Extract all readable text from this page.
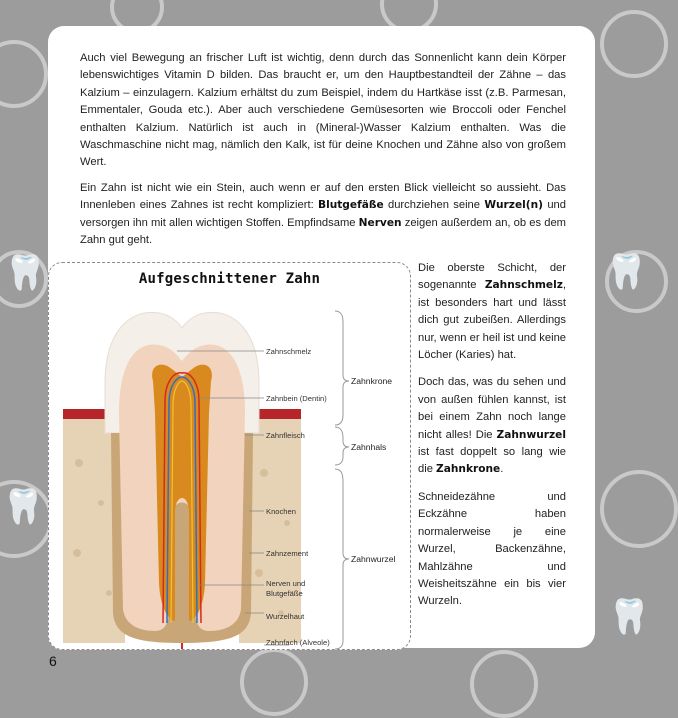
🦷	🦷
🦷
🦷

Auch viel Bewegung an frischer Luft ist wichtig, denn durch das Sonnenlicht kann dein Körper lebenswichtiges Vitamin D bilden. Das braucht er, um den Hauptbestandteil der Zähne – das Kalzium – einzulagern. Kalzium erhältst du zum Beispiel, indem du Hartkäse isst (z.B. Parmesan, Emmentaler, Gouda etc.). Aber auch verschiedene Gemüsesorten wie Broccoli oder Fenchel enthalten Kalzium. Natürlich ist auch in (Mineral-)Wasser Kalzium enthalten. Was die Waschmaschine nicht mag, nämlich den Kalk, ist für deine Knochen und Zähne also von großem Wert.

Ein Zahn ist nicht wie ein Stein, auch wenn er auf den ersten Blick vielleicht so aussieht. Das Innenleben eines Zahnes ist recht kompliziert: Blutgefäße durchziehen seine Wurzel(n) und versorgen ihn mit allen wichtigen Stoffen. Empfindsame Nerven zeigen außerdem an, ob es dem Zahn gut geht.

Aufgeschnittener Zahn
Zahnschmelz
Zahnbein (Dentin)
Zahnfleisch
Knochen
Zahnzement
Nerven und
Blutgefäße
Wurzelhaut
Zahnfach (Alveole)
Zahnkrone
Zahnhals
Zahnwurzel

Die oberste Schicht, der sogenannte Zahnschmelz, ist besonders hart und lässt dich gut zubeißen. Allerdings nur, wenn er heil ist und keine Löcher (Karies) hat.

Doch das, was du sehen und von außen fühlen kannst, ist bei einem Zahn noch lange nicht alles! Die Zahnwurzel ist fast doppelt so lang wie die Zahnkrone.

Schneidezähne und Eckzähne haben normalerweise je eine Wurzel, Backenzähne, Mahlzähne und Weisheitszähne ein bis vier Wurzeln.

6
